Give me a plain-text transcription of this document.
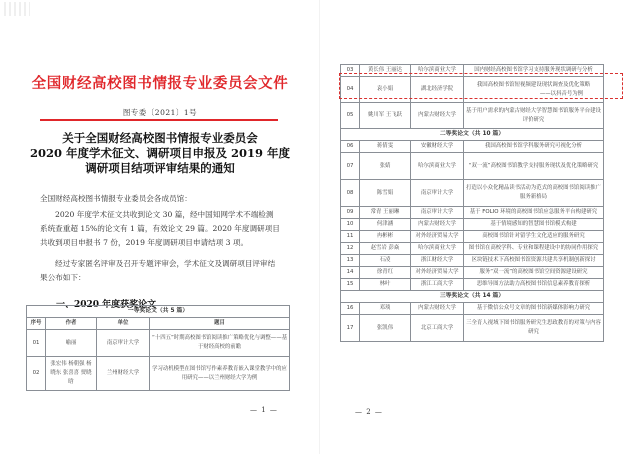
全国财经高校图书情报专业委员会文件
图专委〔2021〕1号
关于全国财经高校图书情报专业委员会
2020 年度学术征文、调研项目申报及 2019 年度
调研项目结项评审结果的通知
全国财经高校图书情报专业委员会各成员馆：
2020 年度学术征文共收到论文 30 篇，经中国知网学术不端检测系统查重超 15%的论文有 1 篇，有效论文 29 篇。2020 年度调研项目共收到项目申报书 7 份，2019 年度调研项目申请结项 3 项。
经过专家匿名评审及召开专题评审会，学术征文及调研项目评审结果公布如下：
一、2020 年度获奖论文
一等奖论文（共 5 篇）			
序号	作者	单位	题目
01	喻丽	南京审计大学	“十四五”时期高校图书馆阅读推广策略优化与调整——基于财经高校的前瞻
02	张宏伟 杨朝强 杨晓东 张喜喜 贾晓晗	兰州财经大学	学习动机模型在图书馆写作素养教育嵌入课堂教学中的应用研究——以兰州财经大学为例
— 1 —
03	黄长伟 王丽达	哈尔滨商业大学	国内财经高校图书馆学习支持服务现状调研与分析
04	袁小娟	湖北经济学院	我国高校图书馆短视频建设现状调查及优化策略
——以抖音号为例

05	姚川军 王飞跃	内蒙古财经大学	基于用户需求的内蒙古财经大学智慧图书馆服务平台建设评价研究
二等奖论文（共 10 篇）			
06	蒋倩雯	安徽财经大学	我国高校图书馆学科服务研究可视化分析
07	张婧	哈尔滨商业大学	“双一流”高校图书馆教学支持服务现状及优化策略研究
08	陈雪娟	南京审计大学	打造以小众化精品读书活动为范式的高校图书馆阅读推广服务新格局
09	常青 王丽琳	南京审计大学	基于 FOLIO 环境的高校图书馆应急服务平台构建研究
10	何津涵	内蒙古财经大学	基于情境感知的智慧图书馆模式构建
11	冉彬彬	对外经济贸易大学	高校图书馆针对留学生文化适应的服务研究
12	赵雪岩 彭焱	哈尔滨商业大学	图书馆在高校学科、专业和课程建设中的协同作用探究
13	石凌	浙江财经大学	区块链技术下高校图书馆资源共建共享机制创新探讨
14	徐青红	对外经济贸易大学	服务“双一流”的高校图书馆空间资源建设研究
15	林叶	浙江工商大学	思维导图方法助力高校图书馆信息素养教育探析
三等奖论文（共 14 篇）			
16	邓琰	内蒙古财经大学	基于微信公众号文章的图书馆新媒体影响力研究
17	张凯伟	北京工商大学	三全育人视域下图书馆服务研究生思政教育的对策与内容研究
— 2 —
